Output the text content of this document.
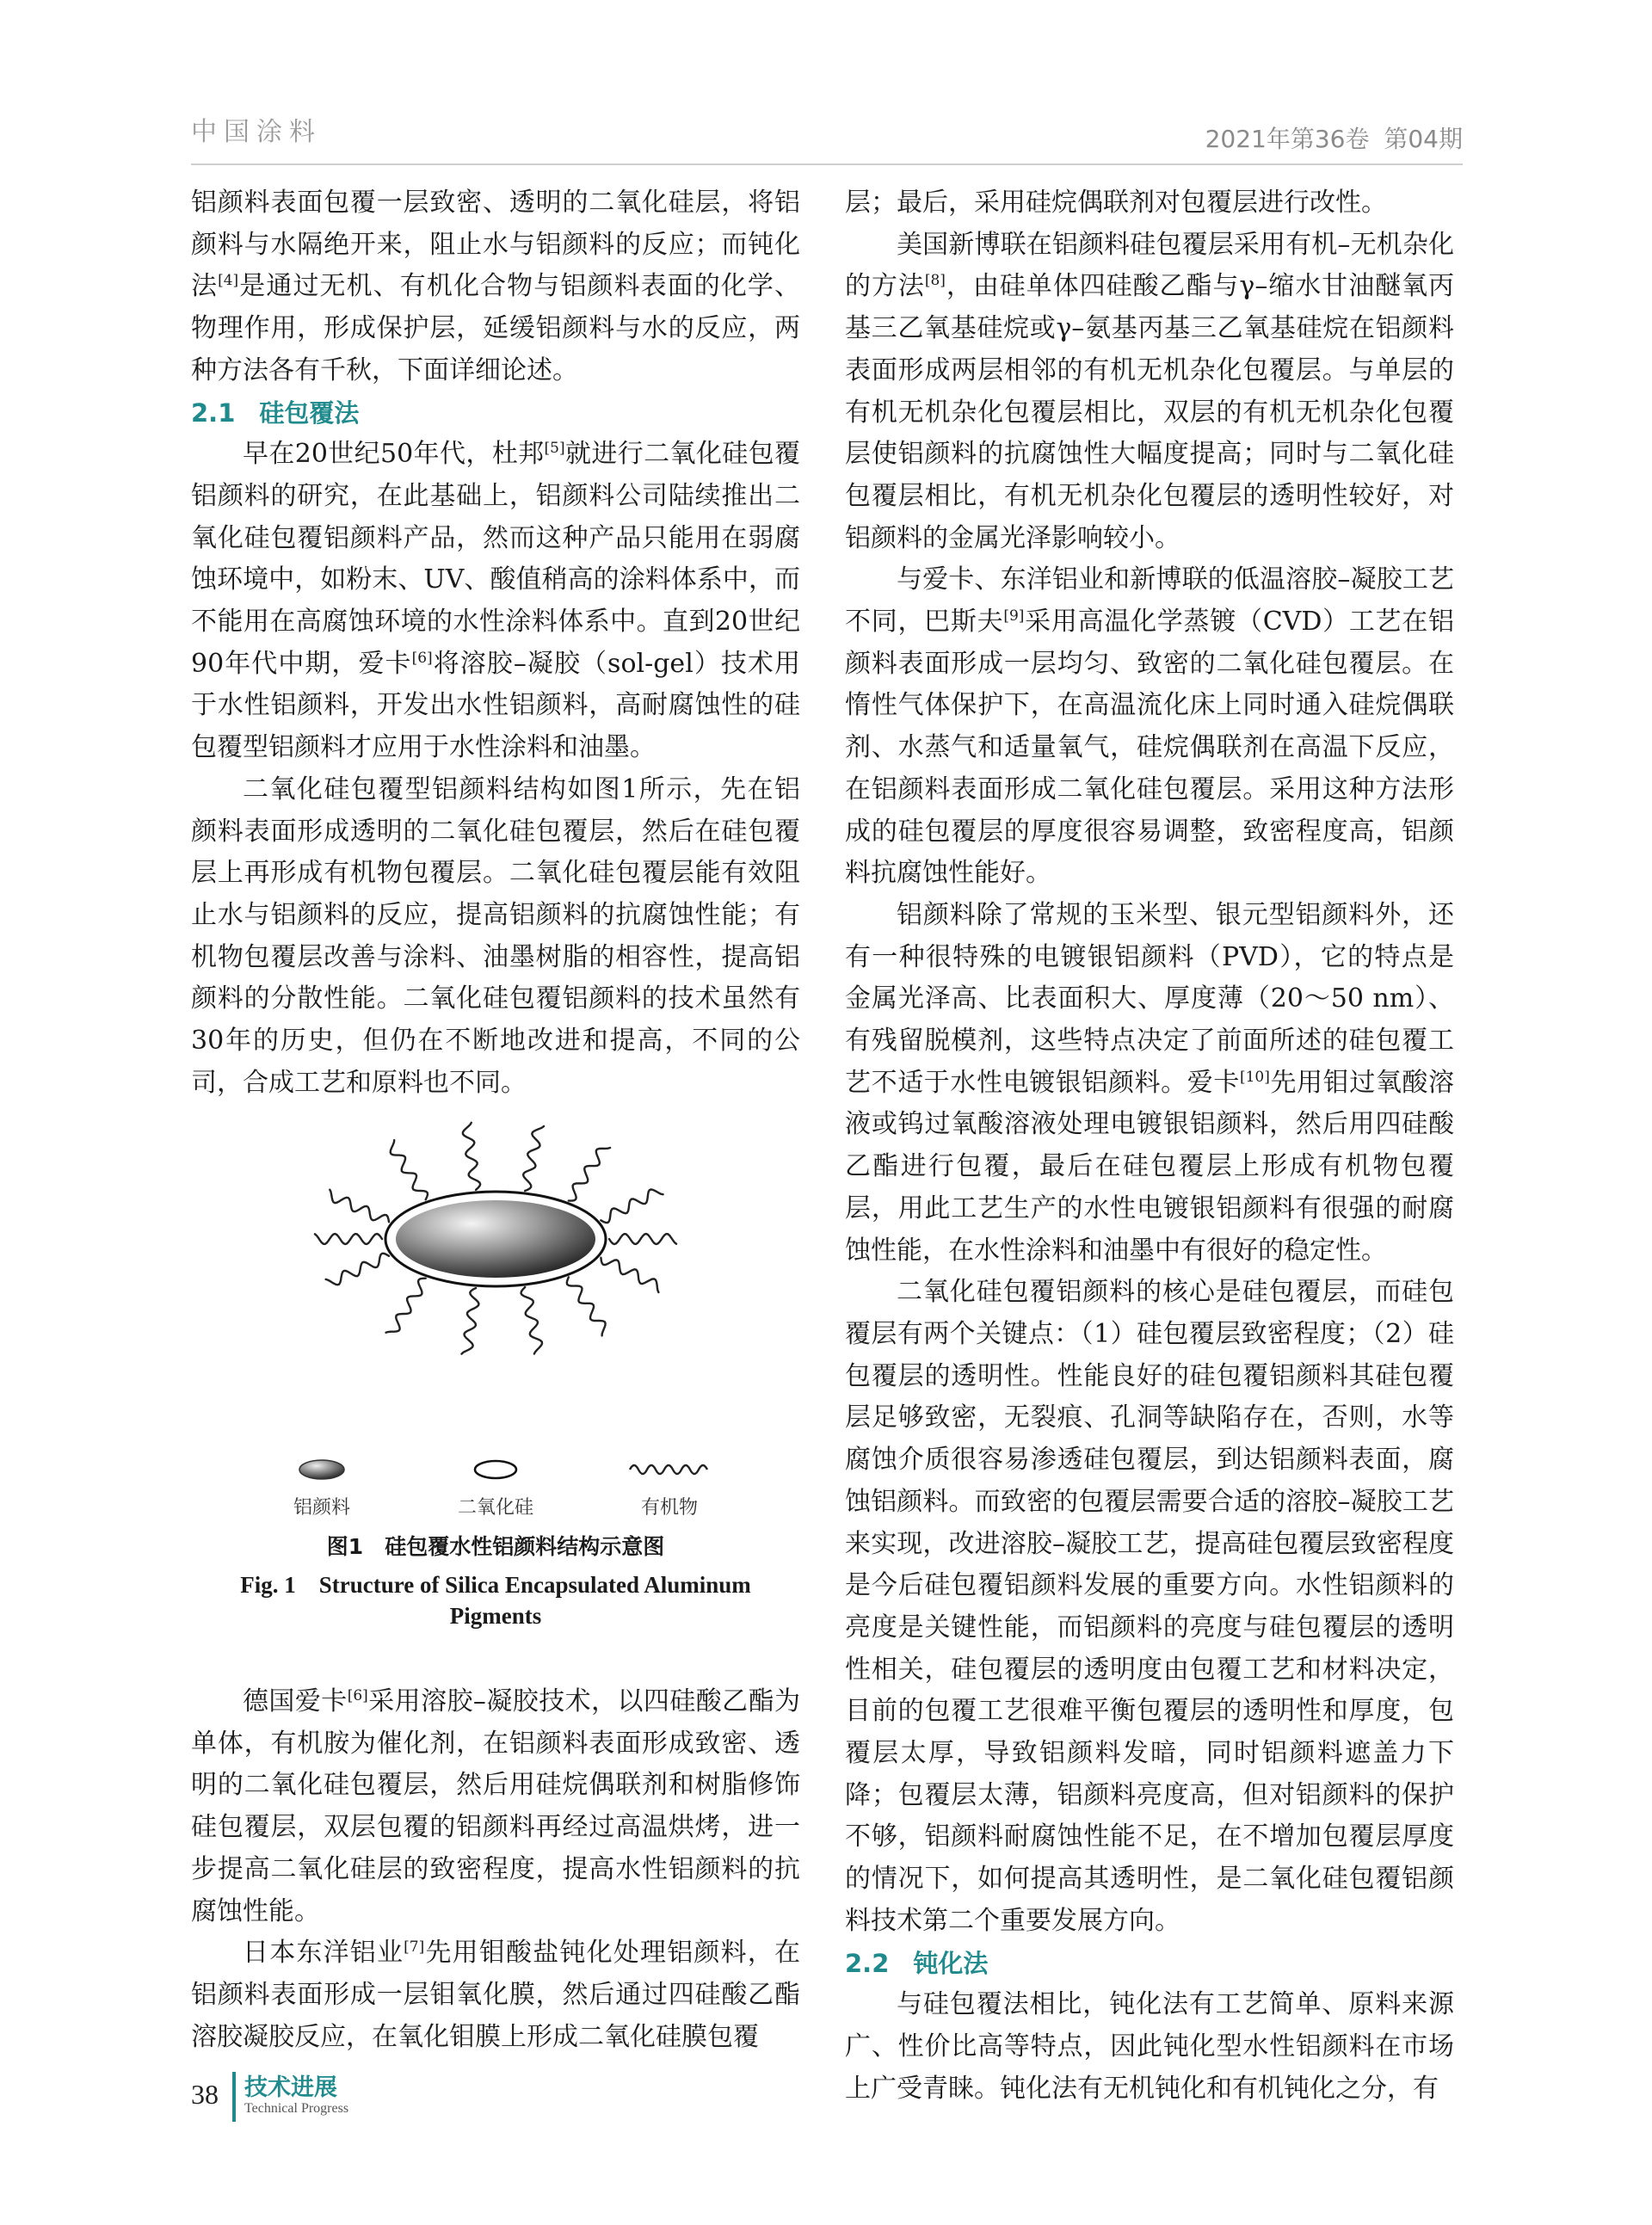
中国涂料	2021年第36卷 第04期

铝颜料表面包覆一层致密、透明的二氧化硅层，将铝颜料与水隔绝开来，阻止水与铝颜料的反应；而钝化法[4]是通过无机、有机化合物与铝颜料表面的化学、物理作用，形成保护层，延缓铝颜料与水的反应，两种方法各有千秋，下面详细论述。

2.1 硅包覆法

早在20世纪50年代，杜邦[5]就进行二氧化硅包覆铝颜料的研究，在此基础上，铝颜料公司陆续推出二氧化硅包覆铝颜料产品，然而这种产品只能用在弱腐蚀环境中，如粉末、UV、酸值稍高的涂料体系中，而不能用在高腐蚀环境的水性涂料体系中。直到20世纪90年代中期，爱卡[6]将溶胶–凝胶（sol-gel）技术用于水性铝颜料，开发出水性铝颜料，高耐腐蚀性的硅包覆型铝颜料才应用于水性涂料和油墨。

二氧化硅包覆型铝颜料结构如图1所示，先在铝颜料表面形成透明的二氧化硅包覆层，然后在硅包覆层上再形成有机物包覆层。二氧化硅包覆层能有效阻止水与铝颜料的反应，提高铝颜料的抗腐蚀性能；有机物包覆层改善与涂料、油墨树脂的相容性，提高铝颜料的分散性能。二氧化硅包覆铝颜料的技术虽然有30年的历史，但仍在不断地改进和提高，不同的公司，合成工艺和原料也不同。

铝颜料	二氧化硅	有机物
图1　硅包覆水性铝颜料结构示意图
Fig. 1　Structure of Silica Encapsulated Aluminum
Pigments

德国爱卡[6]采用溶胶–凝胶技术，以四硅酸乙酯为单体，有机胺为催化剂，在铝颜料表面形成致密、透明的二氧化硅包覆层，然后用硅烷偶联剂和树脂修饰硅包覆层，双层包覆的铝颜料再经过高温烘烤，进一步提高二氧化硅层的致密程度，提高水性铝颜料的抗腐蚀性能。

日本东洋铝业[7]先用钼酸盐钝化处理铝颜料，在铝颜料表面形成一层钼氧化膜，然后通过四硅酸乙酯溶胶凝胶反应，在氧化钼膜上形成二氧化硅膜包覆

层；最后，采用硅烷偶联剂对包覆层进行改性。

美国新博联在铝颜料硅包覆层采用有机–无机杂化的方法[8]，由硅单体四硅酸乙酯与γ–缩水甘油醚氧丙基三乙氧基硅烷或γ–氨基丙基三乙氧基硅烷在铝颜料表面形成两层相邻的有机无机杂化包覆层。与单层的有机无机杂化包覆层相比，双层的有机无机杂化包覆层使铝颜料的抗腐蚀性大幅度提高；同时与二氧化硅包覆层相比，有机无机杂化包覆层的透明性较好，对铝颜料的金属光泽影响较小。

与爱卡、东洋铝业和新博联的低温溶胶–凝胶工艺不同，巴斯夫[9]采用高温化学蒸镀（CVD）工艺在铝颜料表面形成一层均匀、致密的二氧化硅包覆层。在惰性气体保护下，在高温流化床上同时通入硅烷偶联剂、水蒸气和适量氧气，硅烷偶联剂在高温下反应，在铝颜料表面形成二氧化硅包覆层。采用这种方法形成的硅包覆层的厚度很容易调整，致密程度高，铝颜料抗腐蚀性能好。

铝颜料除了常规的玉米型、银元型铝颜料外，还有一种很特殊的电镀银铝颜料（PVD），它的特点是金属光泽高、比表面积大、厚度薄（20～50 nm）、有残留脱模剂，这些特点决定了前面所述的硅包覆工艺不适于水性电镀银铝颜料。爱卡[10]先用钼过氧酸溶液或钨过氧酸溶液处理电镀银铝颜料，然后用四硅酸乙酯进行包覆，最后在硅包覆层上形成有机物包覆层，用此工艺生产的水性电镀银铝颜料有很强的耐腐蚀性能，在水性涂料和油墨中有很好的稳定性。

二氧化硅包覆铝颜料的核心是硅包覆层，而硅包覆层有两个关键点：（1）硅包覆层致密程度；（2）硅包覆层的透明性。性能良好的硅包覆铝颜料其硅包覆层足够致密，无裂痕、孔洞等缺陷存在，否则，水等腐蚀介质很容易渗透硅包覆层，到达铝颜料表面，腐蚀铝颜料。而致密的包覆层需要合适的溶胶–凝胶工艺来实现，改进溶胶–凝胶工艺，提高硅包覆层致密程度是今后硅包覆铝颜料发展的重要方向。水性铝颜料的亮度是关键性能，而铝颜料的亮度与硅包覆层的透明性相关，硅包覆层的透明度由包覆工艺和材料决定，目前的包覆工艺很难平衡包覆层的透明性和厚度，包覆层太厚，导致铝颜料发暗，同时铝颜料遮盖力下降；包覆层太薄，铝颜料亮度高，但对铝颜料的保护不够，铝颜料耐腐蚀性能不足，在不增加包覆层厚度的情况下，如何提高其透明性，是二氧化硅包覆铝颜料技术第二个重要发展方向。

2.2 钝化法

与硅包覆法相比，钝化法有工艺简单、原料来源广、性价比高等特点，因此钝化型水性铝颜料在市场上广受青睐。钝化法有无机钝化和有机钝化之分，有

38 技术进展
Technical Progress
